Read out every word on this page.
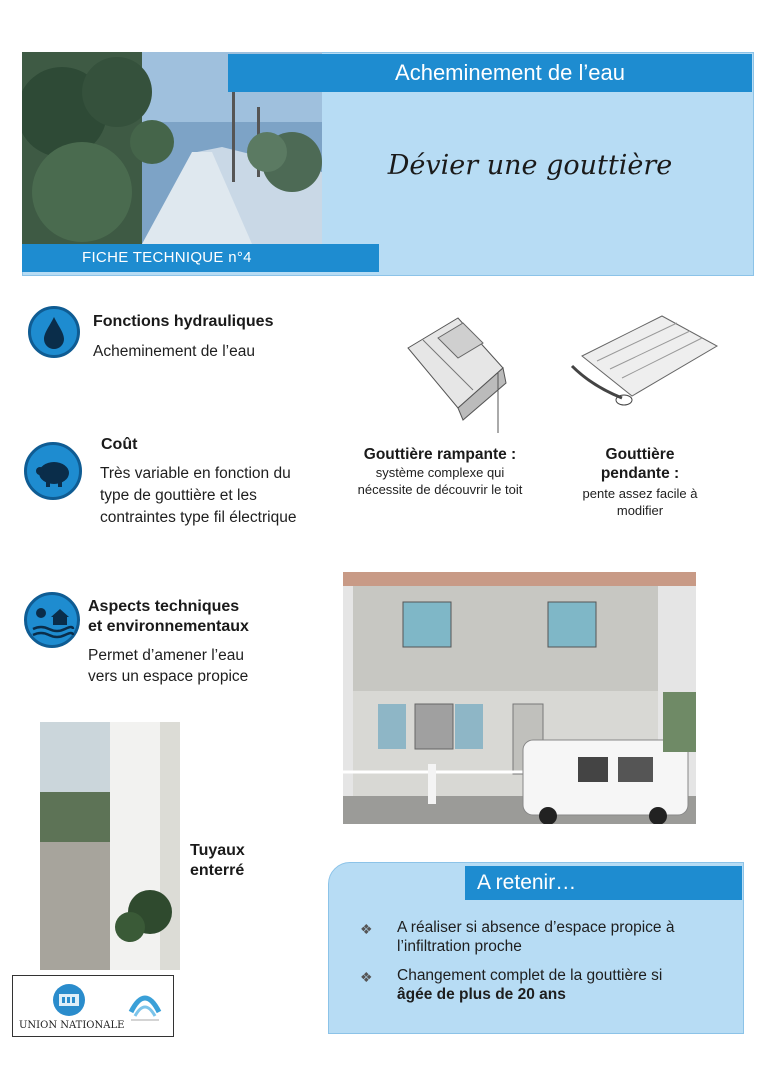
Acheminement de l’eau
Dévier une gouttière
FICHE TECHNIQUE n°4
Fonctions hydrauliques
Acheminement de l’eau
Coût
Très variable en fonction du
type de gouttière et les
contraintes type fil électrique
Gouttière rampante :
système complexe qui
nécessite de découvrir le toit
Gouttière
pendante :
pente assez facile à
modifier
Aspects techniques
et environnementaux
Permet d’amener l’eau
vers un espace propice
Tuyaux
enterré
A retenir…
❖ A réaliser si absence d’espace propice à l’infiltration proche
❖ Changement complet de la gouttière si
âgée de plus de 20 ans
UNION NATIONALE
